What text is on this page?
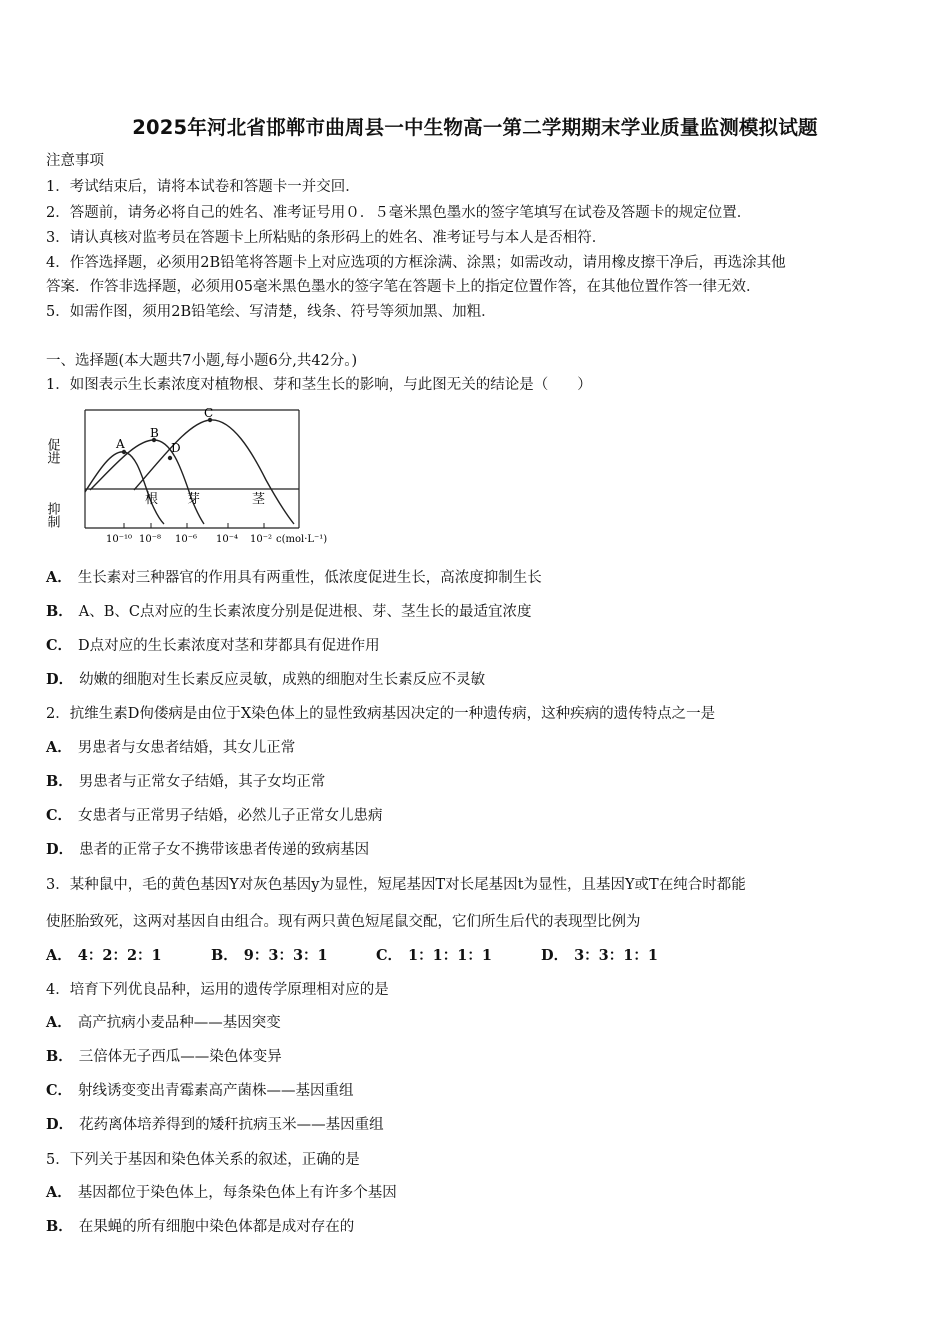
2025年河北省邯郸市曲周县一中生物高一第二学期期末学业质量监测模拟试题
注意事项
1．考试结束后，请将本试卷和答题卡一并交回．
2．答题前，请务必将自己的姓名、准考证号用０．５毫米黑色墨水的签字笔填写在试卷及答题卡的规定位置．
3．请认真核对监考员在答题卡上所粘贴的条形码上的姓名、准考证号与本人是否相符．
4．作答选择题，必须用2B铅笔将答题卡上对应选项的方框涂满、涂黑；如需改动，请用橡皮擦干净后，再选涂其他
答案．作答非选择题，必须用05毫米黑色墨水的签字笔在答题卡上的指定位置作答，在其他位置作答一律无效．
5．如需作图，须用2B铅笔绘、写清楚，线条、符号等须加黑、加粗．
一、选择题(本大题共7小题,每小题6分,共42分。)
1．如图表示生长素浓度对植物根、芽和茎生长的影响，与此图无关的结论是（　　）
A
B
C
D
根 芽	茎
促进
抑制
10⁻¹⁰ 10⁻⁸ 10⁻⁶ 10⁻⁴ 10⁻² c(mol·L⁻¹)
A． 生长素对三种器官的作用具有两重性，低浓度促进生长，高浓度抑制生长
B． A、B、C点对应的生长素浓度分别是促进根、芽、茎生长的最适宜浓度
C． D点对应的生长素浓度对茎和芽都具有促进作用
D． 幼嫩的细胞对生长素反应灵敏，成熟的细胞对生长素反应不灵敏
2．抗维生素D佝偻病是由位于X染色体上的显性致病基因决定的一种遗传病，这种疾病的遗传特点之一是
A． 男患者与女患者结婚，其女儿正常
B． 男患者与正常女子结婚，其子女均正常
C． 女患者与正常男子结婚，必然儿子正常女儿患病
D． 患者的正常子女不携带该患者传递的致病基因
3．某种鼠中，毛的黄色基因Y对灰色基因y为显性，短尾基因T对长尾基因t为显性，且基因Y或T在纯合时都能
使胚胎致死，这两对基因自由组合。现有两只黄色短尾鼠交配，它们所生后代的表现型比例为
A． 4：2：2：1	B． 9：3：3：1	C． 1：1：1：1	D． 3：3：1：1
4．培育下列优良品种，运用的遗传学原理相对应的是
A． 高产抗病小麦品种——基因突变
B． 三倍体无子西瓜——染色体变异
C． 射线诱变变出青霉素高产菌株——基因重组
D． 花药离体培养得到的矮秆抗病玉米——基因重组
5．下列关于基因和染色体关系的叙述，正确的是
A． 基因都位于染色体上，每条染色体上有许多个基因
B． 在果蝇的所有细胞中染色体都是成对存在的
